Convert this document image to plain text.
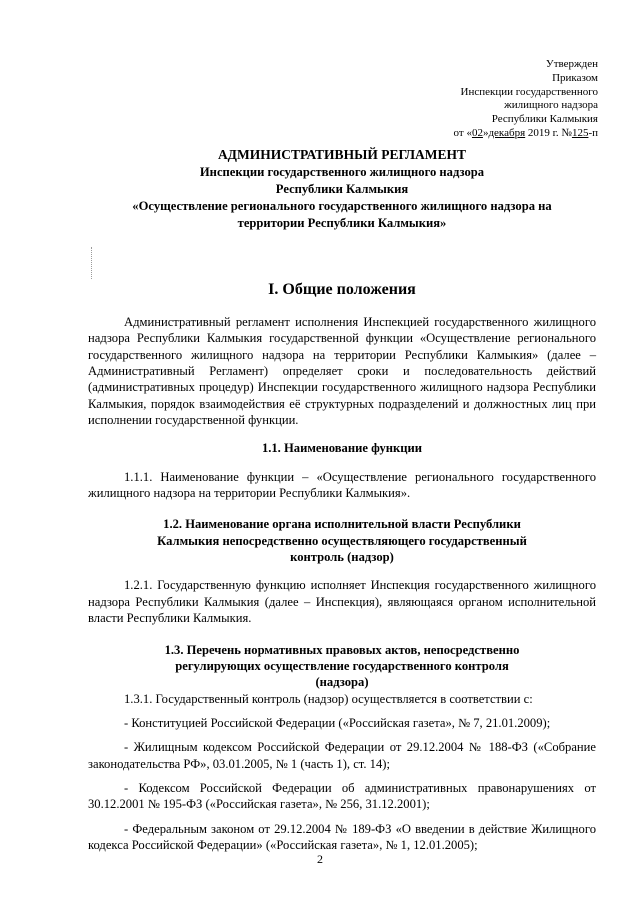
Утвержден
Приказом
Инспекции государственного
жилищного надзора
Республики Калмыкия
от «02»декабря 2019 г. №125-п
АДМИНИСТРАТИВНЫЙ РЕГЛАМЕНТ
Инспекции государственного жилищного надзора
Республики Калмыкия
«Осуществление регионального государственного жилищного надзора на
территории Республики Калмыкия»
I. Общие положения

Административный регламент исполнения Инспекцией государственного жилищного надзора Республики Калмыкия государственной функции «Осуществление регионального государственного жилищного надзора на территории Республики Калмыкия» (далее – Административный Регламент) определяет сроки и последовательность действий (административных процедур) Инспекции государственного жилищного надзора Республики Калмыкия, порядок взаимодействия её структурных подразделений и должностных лиц при исполнении государственной функции.

1.1. Наименование функции

1.1.1. Наименование функции – «Осуществление регионального государственного жилищного надзора на территории Республики Калмыкия».

1.2. Наименование органа исполнительной власти Республики
Калмыкия непосредственно осуществляющего государственный
контроль (надзор)

1.2.1. Государственную функцию исполняет Инспекция государственного жилищного надзора Республики Калмыкия (далее – Инспекция), являющаяся органом исполнительной власти Республики Калмыкия.

1.3. Перечень нормативных правовых актов, непосредственно
регулирующих осуществление государственного контроля
(надзора)

1.3.1. Государственный контроль (надзор) осуществляется в соответствии с:

- Конституцией Российской Федерации («Российская газета», № 7, 21.01.2009);

- Жилищным кодексом Российской Федерации от 29.12.2004 № 188-ФЗ («Собрание законодательства РФ», 03.01.2005, № 1 (часть 1), ст. 14);

- Кодексом Российской Федерации об административных правонарушениях от 30.12.2001 № 195-ФЗ («Российская газета», № 256, 31.12.2001);

- Федеральным законом от 29.12.2004 № 189-ФЗ «О введении в действие Жилищного кодекса Российской Федерации» («Российская газета», № 1, 12.01.2005);

2
